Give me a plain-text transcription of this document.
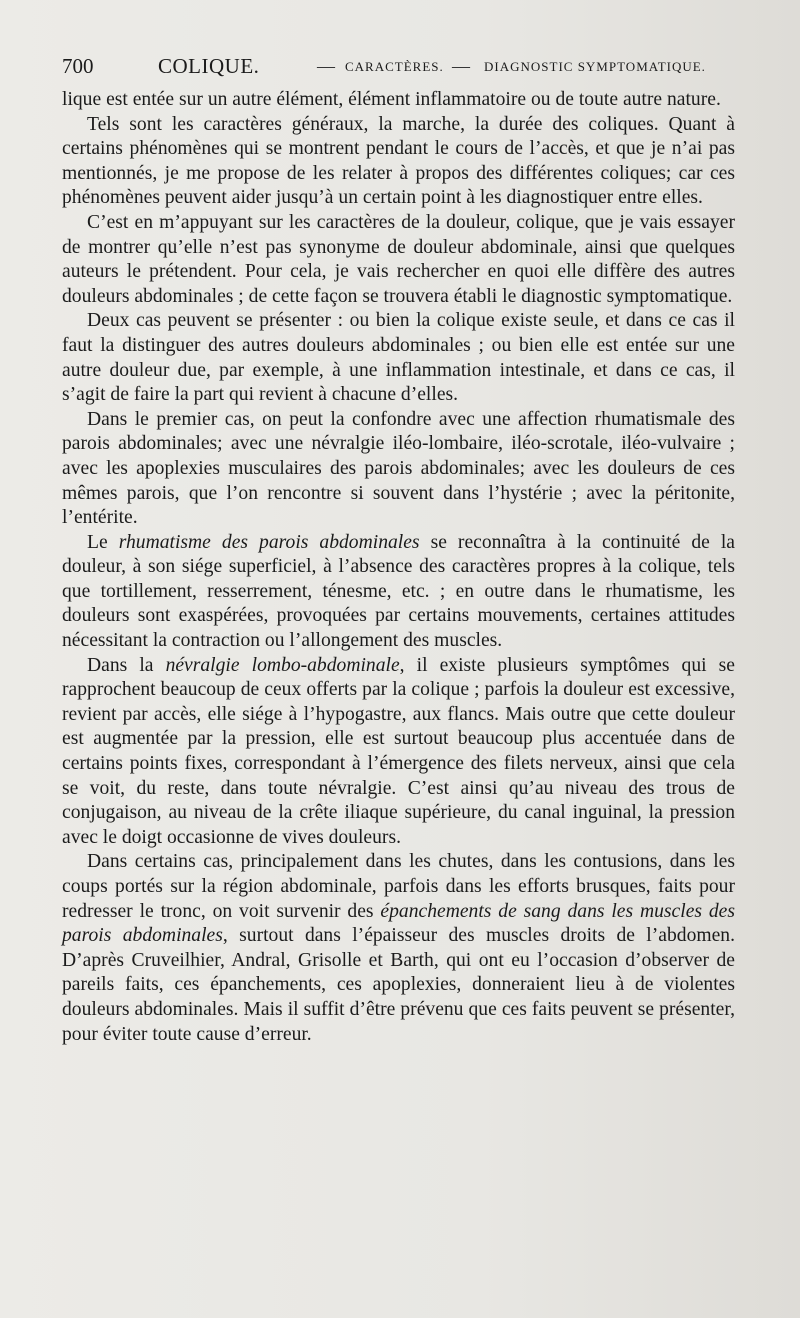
700	COLIQUE.	— CARACTÈRES. — DIAGNOSTIC SYMPTOMATIQUE.

lique est entée sur un autre élément, élément inflammatoire ou de toute autre nature.

Tels sont les caractères généraux, la marche, la durée des coliques. Quant à certains phénomènes qui se montrent pendant le cours de l’accès, et que je n’ai pas mentionnés, je me propose de les relater à propos des différentes coliques; car ces phénomènes peuvent aider jusqu’à un certain point à les diagnostiquer entre elles.

C’est en m’appuyant sur les caractères de la douleur, colique, que je vais essayer de montrer qu’elle n’est pas synonyme de douleur abdominale, ainsi que quelques auteurs le prétendent. Pour cela, je vais rechercher en quoi elle diffère des autres douleurs abdominales ; de cette façon se trouvera établi le diagnostic symptomatique.

Deux cas peuvent se présenter : ou bien la colique existe seule, et dans ce cas il faut la distinguer des autres douleurs abdominales ; ou bien elle est entée sur une autre douleur due, par exemple, à une inflammation intestinale, et dans ce cas, il s’agit de faire la part qui revient à chacune d’elles.

Dans le premier cas, on peut la confondre avec une affection rhumatismale des parois abdominales; avec une névralgie iléo-lombaire, iléo-scrotale, iléo-vulvaire ; avec les apoplexies musculaires des parois abdominales; avec les douleurs de ces mêmes parois, que l’on rencontre si souvent dans l’hystérie ; avec la péritonite, l’entérite.

Le rhumatisme des parois abdominales se reconnaîtra à la continuité de la douleur, à son siége superficiel, à l’absence des caractères propres à la colique, tels que tortillement, resserrement, ténesme, etc. ; en outre dans le rhumatisme, les douleurs sont exaspérées, provoquées par certains mouvements, certaines attitudes nécessitant la contraction ou l’allongement des muscles.

Dans la névralgie lombo-abdominale, il existe plusieurs symptômes qui se rapprochent beaucoup de ceux offerts par la colique ; parfois la douleur est excessive, revient par accès, elle siége à l’hypogastre, aux flancs. Mais outre que cette douleur est augmentée par la pression, elle est surtout beaucoup plus accentuée dans de certains points fixes, correspondant à l’émergence des filets nerveux, ainsi que cela se voit, du reste, dans toute névralgie. C’est ainsi qu’au niveau des trous de conjugaison, au niveau de la crête iliaque supérieure, du canal inguinal, la pression avec le doigt occasionne de vives douleurs.

Dans certains cas, principalement dans les chutes, dans les contusions, dans les coups portés sur la région abdominale, parfois dans les efforts brusques, faits pour redresser le tronc, on voit survenir des épanchements de sang dans les muscles des parois abdominales, surtout dans l’épaisseur des muscles droits de l’abdomen. D’après Cruveilhier, Andral, Grisolle et Barth, qui ont eu l’occasion d’observer de pareils faits, ces épanchements, ces apoplexies, donneraient lieu à de violentes douleurs abdominales. Mais il suffit d’être prévenu que ces faits peuvent se présenter, pour éviter toute cause d’erreur.
